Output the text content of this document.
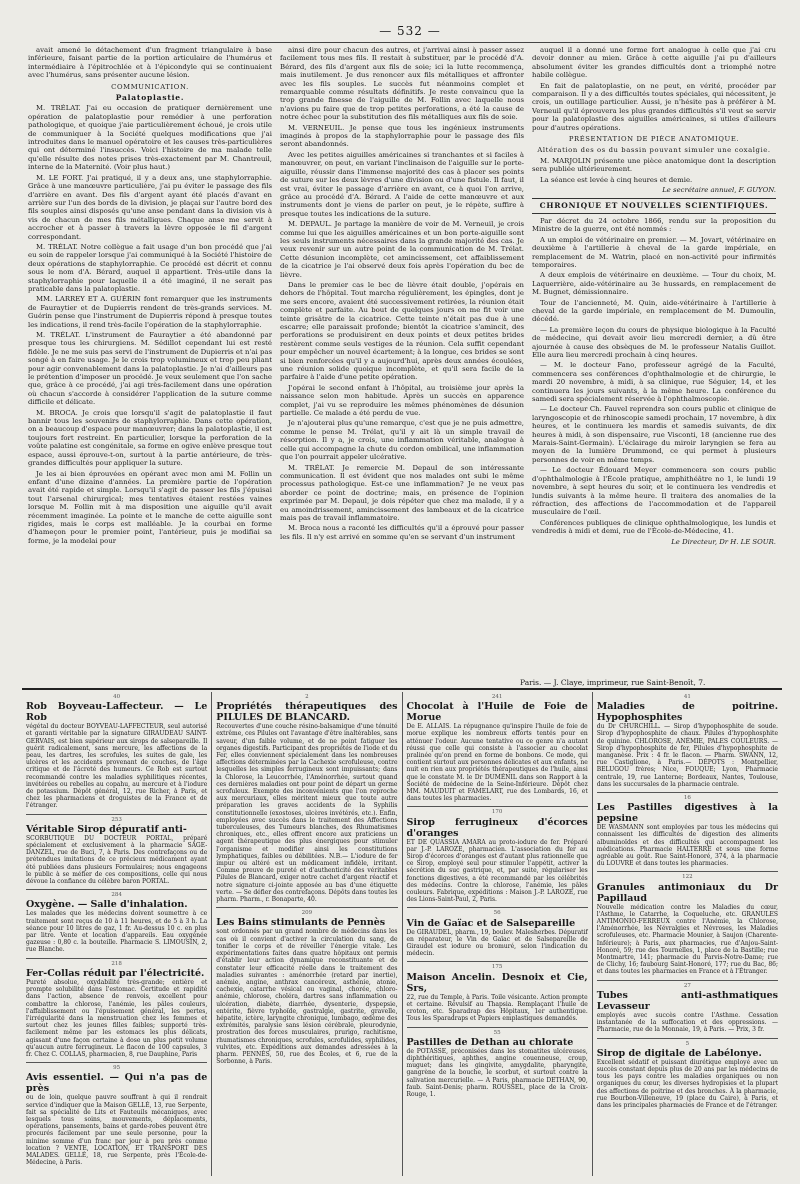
— 532 —

avait amené le détachement d'un fragment triangulaire à base inférieure, faisant partie de la portion articulaire de l'humérus et intermédiaire à l'épitrochlée et à l'épicondyle qui se continuaient avec l'humérus, sans présenter aucune lésion.

COMMUNICATION.
Palatoplastie.

M. TRÉLAT. J'ai eu occasion de pratiquer dernièrement une opération de palatoplastie pour remédier à une perforation pathologique, et quoique j'aie particulièrement échoué, je crois utile de communiquer à la Société quelques modifications que j'ai introduites dans le manuel opératoire et les causes très-particulières qui ont déterminé l'insuccès. Voici l'histoire de ma malade telle qu'elle résulte des notes prises très-exactement par M. Chantreuil, interne de la Maternité. (Voir plus haut.)

M. LE FORT. J'ai pratiqué, il y a deux ans, une staphylorraphie. Grâce à une manœuvre particulière, j'ai pu éviter le passage des fils d'arrière en avant. Des fils d'argent ayant été placés d'avant en arrière sur l'un des bords de la division, je plaçai sur l'autre bord des fils souples ainsi disposés qu'une anse pendant dans la division vis à vis de chacun de mes fils métalliques. Chaque anse me servit à accrocher et à passer à travers la lèvre opposée le fil d'argent correspondant.

M. TRÉLAT. Notre collègue a fait usage d'un bon procédé que j'ai eu soin de rappeler lorsque j'ai communiqué à la Société l'histoire de deux opérations de staphylorraphie. Ce procédé est décrit et connu sous le nom d'A. Bérard, auquel il appartient. Très-utile dans la staphylorraphie pour laquelle il a été imaginé, il ne serait pas praticable dans la palatoplastie.

MM. LARREY ET A. GUÉRIN font remarquer que les instruments de Fauraytier et de Dupierris rendent de très-grands services. M. Guérin pense que l'instrument de Dupierris répond à presque toutes les indications, il rend très-facile l'opération de la staphylorraphie.

M. TRÉLAT. L'instrument de Fauraytier a été abandonné par presque tous les chirurgiens. M. Sédillot cependant lui est resté fidèle. Je ne me suis pas servi de l'instrument de Dupierris et n'ai pas songé à en faire usage. Je le crois trop volumineux et trop peu pliant pour agir convenablement dans la palatoplastie. Je n'ai d'ailleurs pas le prétention d'imposer un procédé. Je veux seulement que l'on sache que, grâce à ce procédé, j'ai agi très-facilement dans une opération où chacun s'accorde à considérer l'application de la suture comme difficile et délicate.

M. BROCA. Je crois que lorsqu'il s'agit de palatoplastie il faut bannir tous les souvenirs de staphylorraphie. Dans cette opération, on a beaucoup d'espace pour manœuvrer; dans la palatoplastie, il est toujours fort restreint. En particulier, lorsque la perforation de la voûte palatine est congénitale, sa forme en ogive enlève presque tout espace, aussi éprouve-t-on, surtout à la partie antérieure, de très-grandes difficultés pour appliquer la suture.

Je les ai bien éprouvées en opérant avec mon ami M. Follin un enfant d'une dizaine d'années. La première partie de l'opération avait été rapide et simple. Lorsqu'il s'agit de passer les fils j'épuisai tout l'arsenal chirurgical; mes tentatives étaient restées vaines lorsque M. Follin mit à ma disposition une aiguille qu'il avait récemment imaginée. La pointe et le manche de cette aiguille sont rigides, mais le corps est malléable. Je la courbai en forme d'hameçon pour le premier point, l'antérieur, puis je modifiai sa forme, je la modelai pour

ainsi dire pour chacun des autres, et j'arrivai ainsi à passer assez facilement tous mes fils. Il restait à substituer, par le procédé d'A. Bérard, des fils d'argent aux fils de soie; ici la lutte recommença, mais inutilement. Je dus renoncer aux fils métalliques et affronter avec les fils souples. Le succès fut néanmoins complet et remarquable comme résultats définitifs. Je reste convaincu que la trop grande finesse de l'aiguille de M. Follin avec laquelle nous n'avions pu faire que de trop petites perforations, a été la cause de notre échec pour la substitution des fils métalliques aux fils de soie.

M. VERNEUIL. Je pense que tous les ingénieux instruments imaginés à propos de la staphylorraphie pour le passage des fils seront abandonnés.

Avec les petites aiguilles américaines si tranchantes et si faciles à manœuvrer, on peut, en variant l'inclinaison de l'aiguille sur le porte-aiguille, réussir dans l'immense majorité des cas à placer ses points de suture sur les deux lèvres d'une division ou d'une fistule. Il faut, il est vrai, éviter le passage d'arrière en avant, ce à quoi l'on arrive, grâce au procédé d'A. Bérard. A l'aide de cette manœuvre et aux instruments dont je viens de parler on peut, je le répète, suffire à presque toutes les indications de la suture.

M. DEPAUL. Je partage la manière de voir de M. Verneuil, je crois comme lui que les aiguilles américaines et un bon porte-aiguille sont les seuls instruments nécessaires dans la grande majorité des cas. Je veux revenir sur un autre point de la communication de M. Trélat. Cette désunion incomplète, cet amincissement, cet affaiblissement de la cicatrice je l'ai observé deux fois après l'opération du bec de lièvre.

Dans le premier cas le bec de lièvre était double, j'opérais en dehors de l'hôpital. Tout marcha régulièrement, les épingles, dont je me sers encore, avaient été successivement retirées, la réunion était complète et parfaite. Au bout de quelques jours on me fit voir une teinte grisâtre de la cicatrice. Cette teinte n'était pas due à une escarre; elle paraissait profonde; bientôt la cicatrice s'amincit, des perforations se produisirent en deux points et deux petites brides restèrent comme seuls vestiges de la réunion. Cela suffit cependant pour empêcher un nouvel écartement; à la longue, ces brides se sont si bien renforcées qu'il y a aujourd'hui, après deux années écoulées, une réunion solide quoique incomplète, et qu'il sera facile de la parfaire à l'aide d'une petite opération.

J'opérai le second enfant à l'hôpital, au troisième jour après la naissance selon mon habitude. Après un succès en apparence complet, j'ai vu se reproduire les mêmes phénomènes de désunion partielle. Ce malade a été perdu de vue.

Je n'ajouterai plus qu'une remarque, c'est que je ne puis admettre, comme le pense M. Trélat, qu'il y ait là un simple travail de résorption. Il y a, je crois, une inflammation véritable, analogue à celle qui accompagne la chute du cordon ombilical, une inflammation que l'on pourrait appeler ulcérative.

M. TRÉLAT. Je remercie M. Depaul de son intéressante communication. Il est évident que nos malades ont subi le même processus pathologique. Est-ce une inflammation? Je ne veux pas aborder ce point de doctrine; mais, en présence de l'opinion exprimée par M. Depaul, je dois répéter que chez ma malade, il y a eu amoindrissement, amincissement des lambeaux et de la cicatrice mais pas de travail inflammatoire.

M. Broca nous a raconté les difficultés qu'il a éprouvé pour passer les fils. Il n'y est arrivé en somme qu'en se servant d'un instrument

auquel il a donné une forme fort analogue à celle que j'ai cru devoir donner au mien. Grâce à cette aiguille j'ai pu d'ailleurs absolument éviter les grandes difficultés dont a triomphé notre habile collègue.

En fait de palatoplastie, on ne peut, en vérité, procéder par comparaison. Il y a des difficultés toutes spéciales, qui nécessitent, je crois, un outillage particulier. Aussi, je n'hésite pas à préférer à M. Verneuil qu'il éprouvera les plus grandes difficultés s'il veut se servir pour la palatoplastie des aiguilles américaines, si utiles d'ailleurs pour d'autres opérations.

PRÉSENTATION DE PIÈCE ANATOMIQUE.
Altération des os du bassin pouvant simuler une coxalgie.

M. MARJOLIN présente une pièce anatomique dont la description sera publiée ultérieurement.

La séance est levée à cinq heures et demie.

Le secrétaire annuel, F. GUYON.

CHRONIQUE ET NOUVELLES SCIENTIFIQUES.

Par décret du 24 octobre 1866, rendu sur la proposition du Ministre de la guerre, ont été nommés :

A un emploi de vétérinaire en premier. — M. Jovart, vétérinaire en deuxième à l'artillerie à cheval de la garde impériale, en remplacement de M. Watrin, placé en non-activité pour infirmités temporaires.

A deux emplois de vétérinaire en deuxième. — Tour du choix, M. Laquerrière, aide-vétérinaire au 3e hussards, en remplacement de M. Bugnet, démissionnaire.

Tour de l'ancienneté, M. Quin, aide-vétérinaire à l'artillerie à cheval de la garde impériale, en remplacement de M. Dumoulin, décédé.

— La première leçon du cours de physique biologique à la Faculté de médecine, qui devait avoir lieu mercredi dernier, a dû être ajournée à cause des obsèques de M. le professeur Natalis Guillot. Elle aura lieu mercredi prochain à cinq heures.

— M. le docteur Fano, professeur agrégé de la Faculté, commencera ses conférences d'ophthalmologie et de chirurgie, le mardi 20 novembre, à midi, à sa clinique, rue Séguier, 14, et les continuera les jours suivants, à la même heure. La conférence du samedi sera spécialement réservée à l'ophthalmoscopie.

— Le docteur Ch. Fauvel reprendra son cours public et clinique de laryngoscopie et de rhinoscopie samedi prochain, 17 novembre, à dix heures, et le continuera les mardis et samedis suivants, de dix heures à midi, à son dispensaire, rue Visconti, 18 (ancienne rue des Marais-Saint-Germain). L'éclairage du miroir laryngien se fera au moyen de la lumière Drummond, ce qui permet à plusieurs personnes de voir en même temps.

— Le docteur Édouard Meyer commencera son cours public d'ophthalmologie à l'École pratique, amphithéâtre no 1, le lundi 19 novembre, à sept heures du soir, et le continuera les vendredis et lundis suivants à la même heure. Il traitera des anomalies de la réfraction, des affections de l'accommodation et de l'appareil musculaire de l'œil.

Conférences publiques de clinique ophthalmologique, les lundis et vendredis à midi et demi, rue de l'École-de-Médecine, 41.

Le Directeur, Dr H. LE SOUR.

Paris. — J. Claye, imprimeur, rue Saint-Benoît, 7.
40
Rob Boyveau-Laffecteur. — Le Rob
végétal du docteur BOYVEAU-LAFFECTEUR, seul autorisé et garanti véritable par la signature GIRAUDEAU SAINT-GERVAIS, est bien supérieur aux sirops de salsepareille. Il guérit radicalement, sans mercure, les affections de la peau, les dartres, les scrofules, les suites de gale, les ulcères et les accidents provenant de couches, de l'âge critique et de l'âcreté des humeurs. Ce Rob est surtout recommandé contre les maladies syphilitiques récentes, invétérées ou rebelles au copahu, au mercure et à l'iodure de potassium. Dépôt général, 12, rue Richer, à Paris, et chez les pharmaciens et droguistes de la France et de l'étranger.
253
Véritable Sirop dépuratif anti-
SCORBUTIQUE DU DOCTEUR PORTAL, préparé spécialement et exclusivement à la pharmacie SAGE-DANZEL, rue de Buci, 7, à Paris. Des contrefaçons ou de prétendues imitations de ce précieux médicament ayant été publiées dans plusieurs Formulaires; nous engageons le public à se méfier de ces compositions, celle qui nous dévoue la confiance du célèbre baron PORTAL.
284
Oxygène. — Salle d'inhalation.
Les malades que les médecins doivent soumettre à ce traitement sont reçus de 10 à 11 heures, et de 5 à 3 h. La séance pour 10 litres de gaz, 1 fr. Au-dessus 10 c. en plus par litre. Vente et location d'appareils. Eau oxygénée gazeuse : 0,80 c. la bouteille. Pharmacie S. LIMOUSIN, 2, rue Blanche.
218
Fer-Collas réduit par l'électricité.
Pureté absolue, oxydabilité très-grande; entière et prompte solubilité dans l'estomac. Certitude et rapidité dans l'action, absence de renvois, excellent pour combattre la chlorose, l'anémie, les pâles couleurs, l'affaiblissement ou l'épuisement général, les pertes, l'irrégularité dans la menstruation chez les femmes et surtout chez les jeunes filles faibles; supporté très-facilement même par les estomacs les plus délicats, agissant d'une façon certaine à dose un plus petit volume qu'aucun autre ferrugineux. Le flacon de 100 capsules, 3 fr. Chez C. COLLAS, pharmacien, 8, rue Dauphine, Paris
95
Avis essentiel. — Qui n'a pas de près
ou de loin, quelque pauvre souffrant à qui il rendrait service d'indiquer que la Maison GELLÉ, 13, rue Serpente, fait sa spécialité de Lits et Fauteuils mécaniques, avec lesquels tous soins, mouvements, déplacements, opérations, pansements, bains et garde-robes peuvent être procurés facilement par une seule personne, pour la minime somme d'un franc par jour à peu près comme location ? VENTE, LOCATION, ET TRANSPORT DES MALADES. GELLÉ, 18, rue Serpente, près l'École-de-Médecine, à Paris.
2
Propriétés thérapeutiques des PILULES DE BLANCARD.
Recouvertes d'une couche résino-balsamique d'une ténuité extrême, ces Pilules ont l'avantage d'être inaltérables, sans saveur, d'un faible volume, et de ne point fatiguer les organes digestifs. Participant des propriétés de l'iode et du Fer, elles conviennent spécialement dans les nombreuses affections déterminées par la Cachexie scrofuleuse, contre lesquelles les simples ferrugineux sont impuissants; dans la Chlorose, la Leucorrhée, l'Aménorrhée, surtout quand ces dernières maladies ont pour point de départ un germe scrofuleux. Exempte des inconvénients que l'on reproche aux mercuriaux, elles méritent mieux que toute autre préparation les graves accidents de la Syphilis constitutionnelle (exostoses, ulcères invétérés, etc.). Enfin, employées avec succès dans le traitement des Affections tuberculeuses, des Tumeurs blanches, des Rhumatismes chroniques, etc., elles offrent encore aux praticiens un agent thérapeutique des plus énergiques pour stimuler l'organisme et modifier ainsi les constitutions lymphatiques, faibles ou débilitées. N.B.— L'iodure de fer impur ou altéré est un médicament infidèle, irritant. Comme preuve de pureté et d'authenticité des véritables Pilules de Blancard, exiger notre cachet d'argent réactif et notre signature ci-jointe apposée au bas d'une étiquette verte. — Se défier des contrefaçons. Dépôts dans toutes les pharm. Pharm., r. Bonaparte, 40.
209
Les Bains stimulants de Pennès
sont ordonnés par un grand nombre de médecins dans les cas où il convient d'activer la circulation du sang, de tonifier le corps et de réveiller l'énergie vitale. Les expérimentations faites dans quatre hôpitaux ont permis d'établir leur action dynamique reconstituante et de constater leur efficacité réelle dans le traitement des maladies suivantes : aménorrhée (retard par inertie), anémie, angine, anthrax cancéreux, asthénie, atonie, cachexie, catarrhe vésical ou vaginal, chorée, chloro-anémie, chlorose, choléra, dartres sans inflammation ou ulcération, diabète, diarrhée, dysenterie, dyspepsie, entérite, fièvre typhoïde, gastralgie, gastrite, gravelle, hépatite, ictère, laryngite chronique, lumbago, œdème des extrémités, paralysie sans lésion cérébrale, pleurodynie, prostration des forces musculaires, prurigo, rachitisme, rhumatismes chroniques, scrofules, scrofulides, syphilides, vulvites, etc. Expéditions aux demandes adressées à la pharm. PENNÈS, 50, rue des Écoles, et 6, rue de la Sorbonne, à Paris.
241
Chocolat à l'Huile de Foie de Morue
De E. ALLAIS. La répugnance qu'inspire l'huile de foie de morue explique les nombreux efforts tentés pour en atténuer l'odeur. Aucune tentative ou ce genre n'a autant réussi que celle qui consiste à l'associer au chocolat pralinée qu'on prend en forme de bonbons. Ce mode, qui contient surtout aux personnes délicates et aux enfants, ne nuit en rien aux propriétés thérapeutiques de l'huile, ainsi que le constate M. le Dr DUMÉNIL dans son Rapport à la Société de médecine de la Seine-Inférieure. Dépôt chez MM. MAUDUIT et FAMELART, rue des Lombards, 16, et dans toutes les pharmacies.
170
Sirop ferrugineux d'écorces d'oranges
ET DE QUASSIA AMARA au proto-iodure de fer. Préparé par J.-P. LAROZE, pharmacien. L'association du fer au Sirop d'écorces d'oranges est d'autant plus rationnelle que ce Sirop, employé seul pour stimuler l'appétit, activer la sécrétion du suc gastrique, et, par suite, régulariser les fonctions digestives, a été recommandé par les célébrités des médecins. Contre la chlorose, l'anémie, les pâles couleurs. Fabrique, expéditions : Maison J.-P. LAROZE, rue des Lions-Saint-Paul, 2, Paris.
56
Vin de Gaïac et de Salsepareille
De GIRAUDEL, pharm., 19, boulev. Malesherbes. Dépuratif en réparateur, le Vin de Gaïac et de Salsepareille de Giraudel est iodure ou bromuré, selon l'indication du médecin.
175
Maison Ancelin. Desnoix et Cie, Srs,
22, rue du Temple, à Paris. Toile vésicante. Action prompte et certaine. Révulsif au Thapsia. Remplaçant l'huile de croton, etc. Sparadrap des Hôpitaux, 1er authentique. Tous les Sparadraps et Papiers emplastiques demandés.
55
Pastilles de Dethan au chlorate
de POTASSE, préconisées dans les stomatites ulcéreuses, diphthéritiques, aphthes, angine couenneuse, croup, muguet; dans les gingivite, amygdalite, pharyngite, gangrène de la bouche, le scorbut, et surtout contre la salivation mercurielle. — A Paris, pharmacie DETHAN, 90, faub. Saint-Denis; pharm. ROUSSEL, place de la Croix-Rouge, 1.
41
Maladies de poitrine. Hypophosphites
du Dr CHURCHILL. — Sirop d'hypophosphite de soude. Sirop d'hypophosphite de chaux. Pilules d'hypophosphite de quinine. CHLOROSE, ANÉMIE, PALES COULEURS. — Sirop d'hypophosphite de fer, Pilules d'hypophosphite de manganèse. Prix : 4 fr. le flacon. — Pharm. SWANN, 12, rue Castiglione, à Paris.— DÉPOTS : Montpellier, BELUGOU frères; Nice, FOUQUE; Lyon, Pharmacie centrale, 19, rue Lanterne; Bordeaux, Nantes, Toulouse, dans les succursales de la pharmacie centrale.
16
Les Pastilles digestives à la pepsine
DE WASMANN sont employées par tous les médecins qui connaissent les difficultés de digestion des aliments albuminoïdes et des difficultés qui accompagnent les médications. Pharmacie HALTERRE et sous une forme agréable au goût. Rue Saint-Honoré, 374, à la pharmacie du LOUVRE et dans toutes les pharmacies.
122
Granules antimoniaux du Dr Papillaud
Nouvelle médication contre les Maladies du cœur, l'Asthme, le Catarrhe, la Coqueluche, etc. GRANULES ANTIMONIO-FERREUX contre l'Anémie, la Chlorose, l'Aménorrhée, les Névralgies et Névroses, les Maladies scrofuleuses, etc. Pharmacie Mounier, à Saujon (Charente-Inférieure); à Paris, aux pharmacies, rue d'Anjou-Saint-Honoré, 59; rue des Tournelles, 1, place de la Bastille; rue Montmartre, 141; pharmacie du Parvis-Notre-Dame; rue de Clichy, 16; faubourg Saint-Honoré, 177; rue du Bac, 86; et dans toutes les pharmacies en France et à l'Étranger.
27
Tubes anti-asthmatiques Levasseur
employés avec succès contre l'Asthme. Cessation instantanée de la suffocation et des oppressions. — Pharmacie, rue de la Monnaie, 19, à Paris. — Prix, 3 fr.
5
Sirop de digitale de Labélonye.
Excellent sédatif et puissant diurétique employé avec un succès constant depuis plus de 20 ans par les médecins de tous les pays contre les maladies organiques ou non organiques du cœur, les diverses hydropisies et la plupart des affections de poitrine et des bronches. À la pharmacie, rue Bourbon-Villeneuve, 19 (place du Caire), à Paris, et dans les principales pharmacies de France et de l'étranger.
